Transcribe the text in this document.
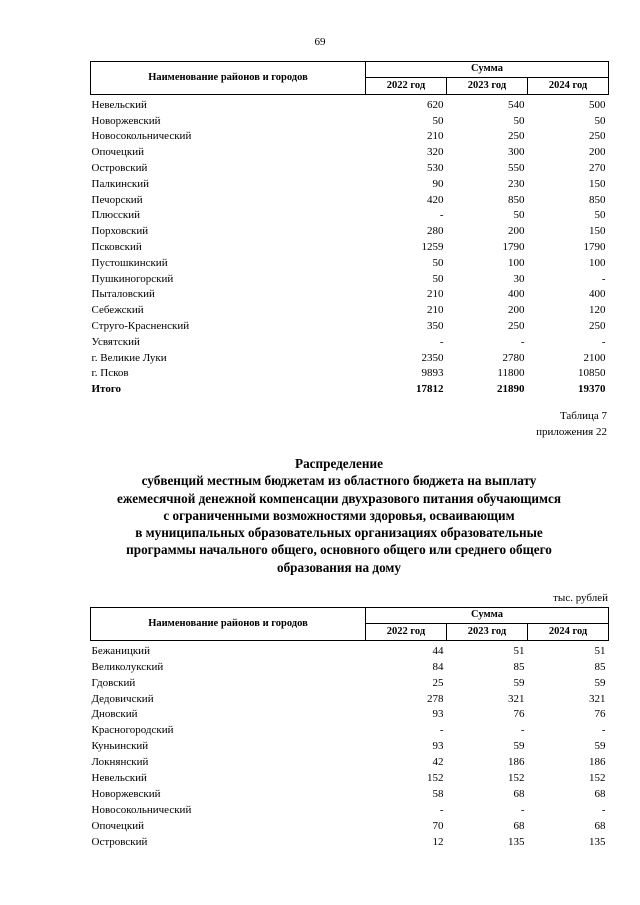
69
Наименование районов и городов	Сумма		
	2022 год	2023 год	2024 год
Невельский	620	540	500
Новоржевский	50	50	50
Новосокольнический	210	250	250
Опочецкий	320	300	200
Островский	530	550	270
Палкинский	90	230	150
Печорский	420	850	850
Плюсский	-	50	50
Порховский	280	200	150
Псковский	1259	1790	1790
Пустошкинский	50	100	100
Пушкиногорский	50	30	-
Пыталовский	210	400	400
Себежский	210	200	120
Струго-Красненский	350	250	250
Усвятский	-	-	-
г. Великие Луки	2350	2780	2100
г. Псков	9893	11800	10850
Итого	17812	21890	19370
Таблица 7
приложения 22
Распределение
субвенций местным бюджетам из областного бюджета на выплату
ежемесячной денежной компенсации двухразового питания обучающимся
с ограниченными возможностями здоровья, осваивающим
в муниципальных образовательных организациях образовательные
программы начального общего, основного общего или среднего общего
образования на дому
тыс. рублей
Наименование районов и городов	Сумма		
	2022 год	2023 год	2024 год
Бежаницкий	44	51	51
Великолукский	84	85	85
Гдовский	25	59	59
Дедовичский	278	321	321
Дновский	93	76	76
Красногородский	-	-	-
Куньинский	93	59	59
Локнянский	42	186	186
Невельский	152	152	152
Новоржевский	58	68	68
Новосокольнический	-	-	-
Опочецкий	70	68	68
Островский	12	135	135
